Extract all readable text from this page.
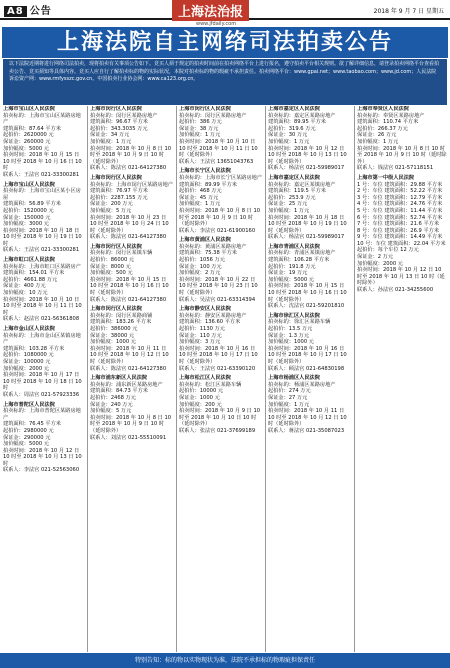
A8 公告	上海法治报	2018 年 9 月 7 日 星期五
www.jfdaily.com
上海法院自主网络司法拍卖公告
以下法院近期将进行网络司法拍卖，现将拍卖有关事项公告如下。竞买人须于规定的拍卖时间前在拍卖网络平台上进行报名，遵守拍卖平台相关规则。欲了解详细信息，请登录拍卖网络平台查看拍卖公告、竞买须知等具体内容。竞买人应自行了解拍卖标的物的实际状况，本院对拍卖标的物的瑕疵不承担责任。拍卖网络平台：www.gpai.net；www.taobao.com；www.jd.com；人民法院诉讼资产网：www.rmfysszc.gov.cn。中国拍卖行业协会网：www.ca123.org.cn。
上海市宝山区人民法院
拍卖标的：上海市宝山区某路房地产
建筑面积：87.64 平方米
起拍价：2620000 元
保证金：260000 元
加价幅度：5000 元
拍卖时间：2018 年 10 月 15 日 10 时至 2018 年 10 月 16 日 10 时
联系人：王法官 021-33300281
上海市宝山区人民法院
拍卖标的：上海市宝山区某小区房屋
建筑面积：56.89 平方米
起拍价：1520000 元
保证金：150000 元
加价幅度：3000 元
拍卖时间：2018 年 10 月 18 日 10 时至 2018 年 10 月 19 日 10 时
联系人：王法官 021-33300281
上海市虹口区人民法院
拍卖标的：上海市虹口区某路房产
建筑面积：154.01 平方米
起拍价：4661.88 万元
保证金：400 万元
加价幅度：10 万元
拍卖时间：2018 年 10 月 10 日 10 时至 2018 年 10 月 11 日 10 时
联系人：赵法官 021-56361808
上海市金山区人民法院
拍卖标的：上海市金山区某镇房地产
建筑面积：103.28 平方米
起拍价：1080000 元
保证金：100000 元
加价幅度：2000 元
拍卖时间：2018 年 10 月 17 日 10 时至 2018 年 10 月 18 日 10 时
联系人：周法官 021-57923336
上海市普陀区人民法院
拍卖标的：上海市普陀区某路房地产
建筑面积：76.45 平方米
起拍价：2980000 元
保证金：290000 元
加价幅度：5000 元
拍卖时间：2018 年 10 月 12 日 10 时至 2018 年 10 月 13 日 10 时
联系人：李法官 021-52563060
上海市闵行区人民法院
拍卖标的：闵行区某路房地产
建筑面积：96.67 平方米
起拍价：343.3035 万元
保证金：34 万元
加价幅度：1 万元
拍卖时间：2018 年 10 月 8 日 10 时至 2018 年 10 月 9 日 10 时（延时除外）
联系人：陈法官 021-64127380
上海市闵行区人民法院
拍卖标的：上海市闵行区某路房地产
建筑面积：76.97 平方米
起拍价：2287.155 万元
保证金：200 万元
加价幅度：5 万元
拍卖时间：2018 年 10 月 23 日 10 时至 2018 年 10 月 24 日 10 时（延时除外）
联系人：陈法官 021-64127380
上海市闵行区人民法院
拍卖标的：闵行区某镇车辆
起拍价：86000 元
保证金：8000 元
加价幅度：500 元
拍卖时间：2018 年 10 月 15 日 10 时至 2018 年 10 月 16 日 10 时（延时除外）
联系人：陈法官 021-64127380
上海市闵行区人民法院
拍卖标的：闵行区某路商铺
建筑面积：183.26 平方米
起拍价：386000 元
保证金：38000 元
加价幅度：1000 元
拍卖时间：2018 年 10 月 11 日 10 时至 2018 年 10 月 12 日 10 时（延时除外）
联系人：陈法官 021-64127380
上海市浦东新区人民法院
拍卖标的：浦东新区某路房地产
建筑面积：84.73 平方米
起拍价：2468 万元
保证金：240 万元
加价幅度：5 万元
拍卖时间：2018 年 10 月 8 日 10 时至 2018 年 10 月 9 日 10 时（延时除外）
联系人：刘法官 021-55510091
上海市闵行区人民法院
拍卖标的：闵行区某路房地产
起拍价：386 万元
保证金：38 万元
加价幅度：1 万元
拍卖时间：2018 年 10 月 10 日 10 时至 2018 年 10 月 11 日 10 时（延时除外）
联系人：王法官 13651043763
上海市长宁区人民法院
拍卖标的：上海市长宁区某路房地产
建筑面积：89.99 平方米
起拍价：468 万元
保证金：45 万元
加价幅度：1 万元
拍卖时间：2018 年 10 月 8 日 10 时至 2018 年 10 月 9 日 10 时（延时除外）
联系人：李法官 021-61900160
上海市黄浦区人民法院
拍卖标的：黄浦区某路房地产
建筑面积：75.38 平方米
起拍价：1056 万元
保证金：100 万元
加价幅度：2 万元
拍卖时间：2018 年 10 月 22 日 10 时至 2018 年 10 月 23 日 10 时（延时除外）
联系人：吴法官 021-63314394
上海市静安区人民法院
拍卖标的：静安区某路房地产
建筑面积：136.60 平方米
起拍价：1130 万元
保证金：110 万元
加价幅度：3 万元
拍卖时间：2018 年 10 月 16 日 10 时至 2018 年 10 月 17 日 10 时（延时除外）
联系人：王法官 021-63390120
上海市松江区人民法院
拍卖标的：松江区某路车辆
起拍价：10000 元
保证金：1000 元
加价幅度：200 元
拍卖时间：2018 年 10 月 9 日 10 时至 2018 年 10 月 10 日 10 时（延时除外）
联系人：张法官 021-37699189
上海市嘉定区人民法院
拍卖标的：嘉定区某路房地产
建筑面积：89.95 平方米
起拍价：319.6 万元
保证金：30 万元
加价幅度：1 万元
拍卖时间：2018 年 10 月 12 日 10 时至 2018 年 10 月 13 日 10 时（延时除外）
联系人：杨法官 021-59989017
上海市嘉定区人民法院
拍卖标的：嘉定区某镇房地产
建筑面积：119.5 平方米
起拍价：253.9 万元
保证金：25 万元
加价幅度：1 万元
拍卖时间：2018 年 10 月 18 日 10 时至 2018 年 10 月 19 日 10 时（延时除外）
联系人：杨法官 021-59989017
上海市青浦区人民法院
拍卖标的：青浦区某镇房地产
建筑面积：106.28 平方米
起拍价：191.8 万元
保证金：19 万元
加价幅度：5000 元
拍卖时间：2018 年 10 月 15 日 10 时至 2018 年 10 月 16 日 10 时（延时除外）
联系人：沈法官 021-59201810
上海市徐汇区人民法院
拍卖标的：徐汇区某路车辆
起拍价：13.5 万元
保证金：1.3 万元
加价幅度：1000 元
拍卖时间：2018 年 10 月 16 日 10 时至 2018 年 10 月 17 日 10 时（延时除外）
联系人：顾法官 021-64830198
上海市杨浦区人民法院
拍卖标的：杨浦区某路房地产
起拍价：274 万元
保证金：27 万元
加价幅度：1 万元
拍卖时间：2018 年 10 月 11 日 10 时至 2018 年 10 月 12 日 10 时（延时除外）
联系人：蒋法官 021-35087023
上海市奉贤区人民法院
拍卖标的：奉贤区某路房地产
建筑面积：110.74 平方米
起拍价：266.37 万元
保证金：26 万元
加价幅度：1 万元
拍卖时间：2018 年 10 月 8 日 10 时至 2018 年 10 月 9 日 10 时（延时除外）
联系人：钱法官 021-57118151
上海市第一中级人民法院
1 号：车位 建筑面积：29.88 平方米
2 号：车位 建筑面积：52.22 平方米
3 号：车位 建筑面积：12.79 平方米
4 号：车位 建筑面积：24.76 平方米
5 号：车位 建筑面积：11.44 平方米
6 号：车位 建筑面积：52.74 平方米
7 号：车位 建筑面积：21.6 平方米
8 号：车位 建筑面积：26.9 平方米
9 号：车位 建筑面积：14.49 平方米
10 号：车位 建筑面积：22.04 平方米
起拍价：每个车位 12 万元
保证金：2 万元
加价幅度：2000 元
拍卖时间：2018 年 10 月 12 日 10 时至 2018 年 10 月 13 日 10 时（延时除外）
联系人：孙法官 021-34255600
特别告知：标的物以实物现状为准，法院不承担标的物瑕疵担保责任
